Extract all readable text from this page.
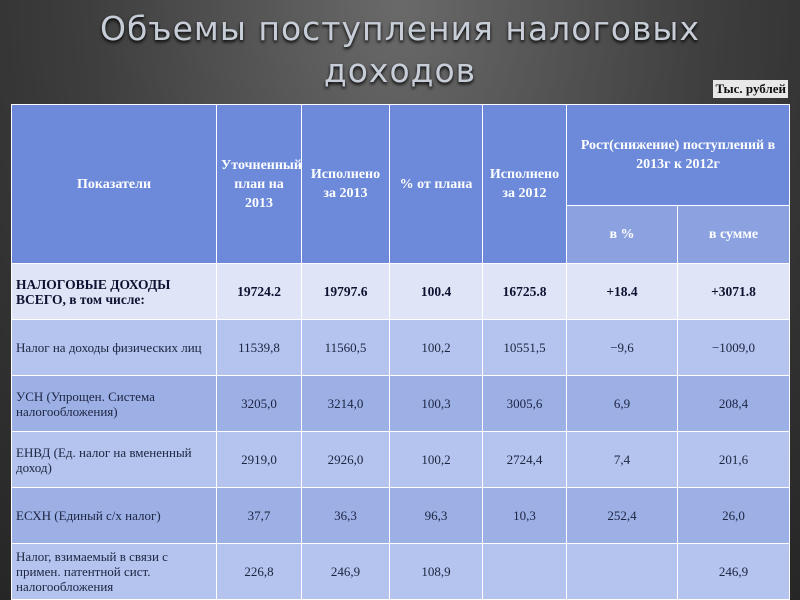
Объемы поступления налоговых
доходов	Тыс. рублей
Показатели	Уточненный план на 2013	Исполнено за 2013	% от плана	Исполнено за 2012	Рост(снижение) поступлений в 2013г к 2012г	
					в %	в сумме
НАЛОГОВЫЕ ДОХОДЫ ВСЕГО, в том числе:	19724.2	19797.6	100.4	16725.8	+18.4	+3071.8
Налог на доходы физических лиц	11539,8	11560,5	100,2	10551,5	−9,6	−1009,0
УСН (Упрощен. Система налогообложения)	3205,0	3214,0	100,3	3005,6	6,9	208,4
ЕНВД (Ед. налог на вмененный доход)	2919,0	2926,0	100,2	2724,4	7,4	201,6
ЕСХН (Единый с/х налог)	37,7	36,3	96,3	10,3	252,4	26,0
Налог, взимаемый в связи с примен. патентной сист. налогообложения	226,8	246,9	108,9			246,9
